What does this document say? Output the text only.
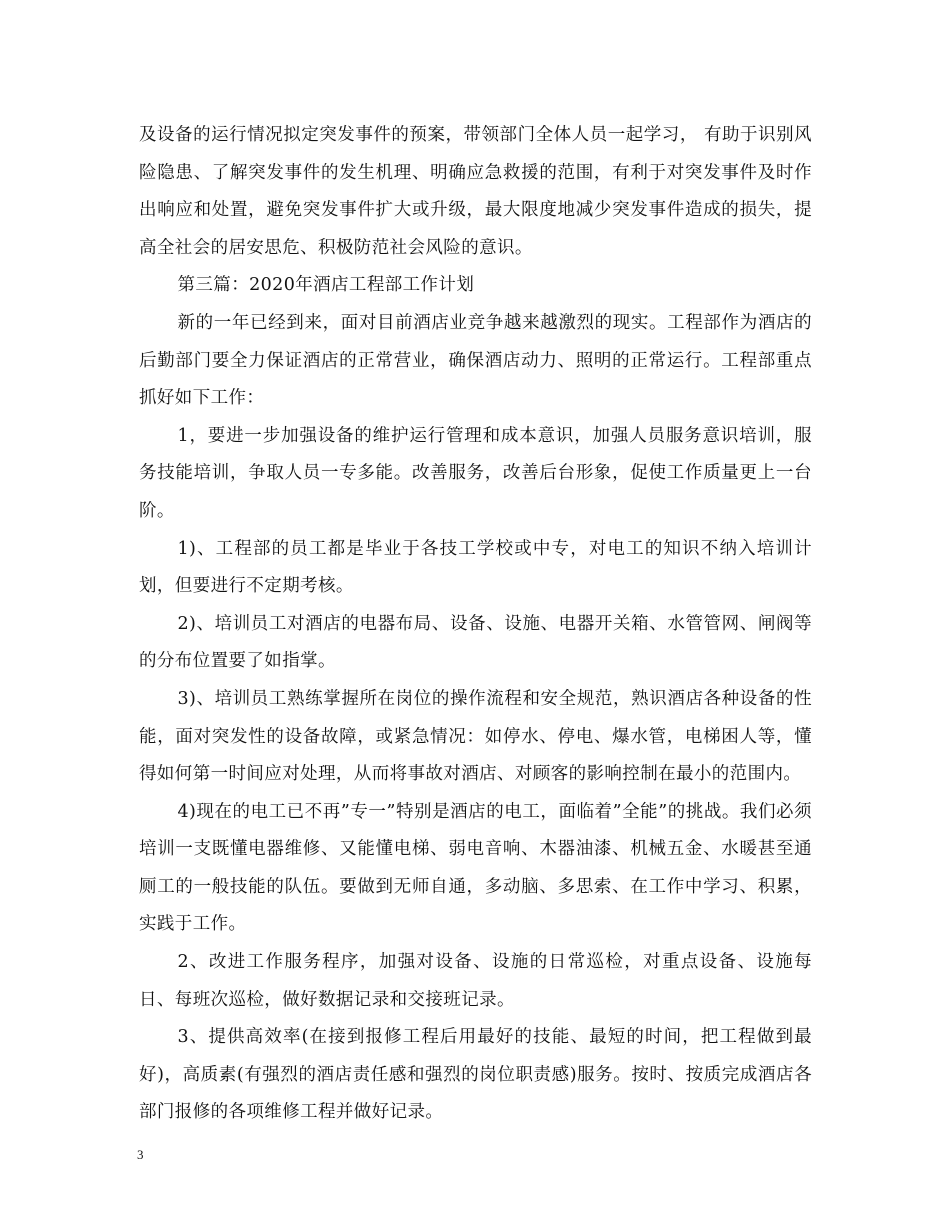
及设备的运行情况拟定突发事件的预案，带领部门全体人员一起学习， 有助于识别风险隐患、了解突发事件的发生机理、明确应急救援的范围，有利于对突发事件及时作出响应和处置，避免突发事件扩大或升级，最大限度地减少突发事件造成的损失，提高全社会的居安思危、积极防范社会风险的意识。

第三篇：2020年酒店工程部工作计划

新的一年已经到来，面对目前酒店业竞争越来越激烈的现实。工程部作为酒店的后勤部门要全力保证酒店的正常营业，确保酒店动力、照明的正常运行。工程部重点抓好如下工作：

1，要进一步加强设备的维护运行管理和成本意识，加强人员服务意识培训，服务技能培训，争取人员一专多能。改善服务，改善后台形象，促使工作质量更上一台阶。

1)、工程部的员工都是毕业于各技工学校或中专，对电工的知识不纳入培训计划，但要进行不定期考核。

2)、培训员工对酒店的电器布局、设备、设施、电器开关箱、水管管网、闸阀等的分布位置要了如指掌。

3)、培训员工熟练掌握所在岗位的操作流程和安全规范，熟识酒店各种设备的性能，面对突发性的设备故障，或紧急情况：如停水、停电、爆水管，电梯困人等，懂得如何第一时间应对处理，从而将事故对酒店、对顾客的影响控制在最小的范围内。

4)现在的电工已不再”专一”特别是酒店的电工，面临着”全能”的挑战。我们必须培训一支既懂电器维修、又能懂电梯、弱电音响、木器油漆、机械五金、水暖甚至通厕工的一般技能的队伍。要做到无师自通，多动脑、多思索、在工作中学习、积累，实践于工作。

2、改进工作服务程序，加强对设备、设施的日常巡检，对重点设备、设施每日、每班次巡检，做好数据记录和交接班记录。

3、提供高效率(在接到报修工程后用最好的技能、最短的时间，把工程做到最好)，高质素(有强烈的酒店责任感和强烈的岗位职责感)服务。按时、按质完成酒店各部门报修的各项维修工程并做好记录。

3
